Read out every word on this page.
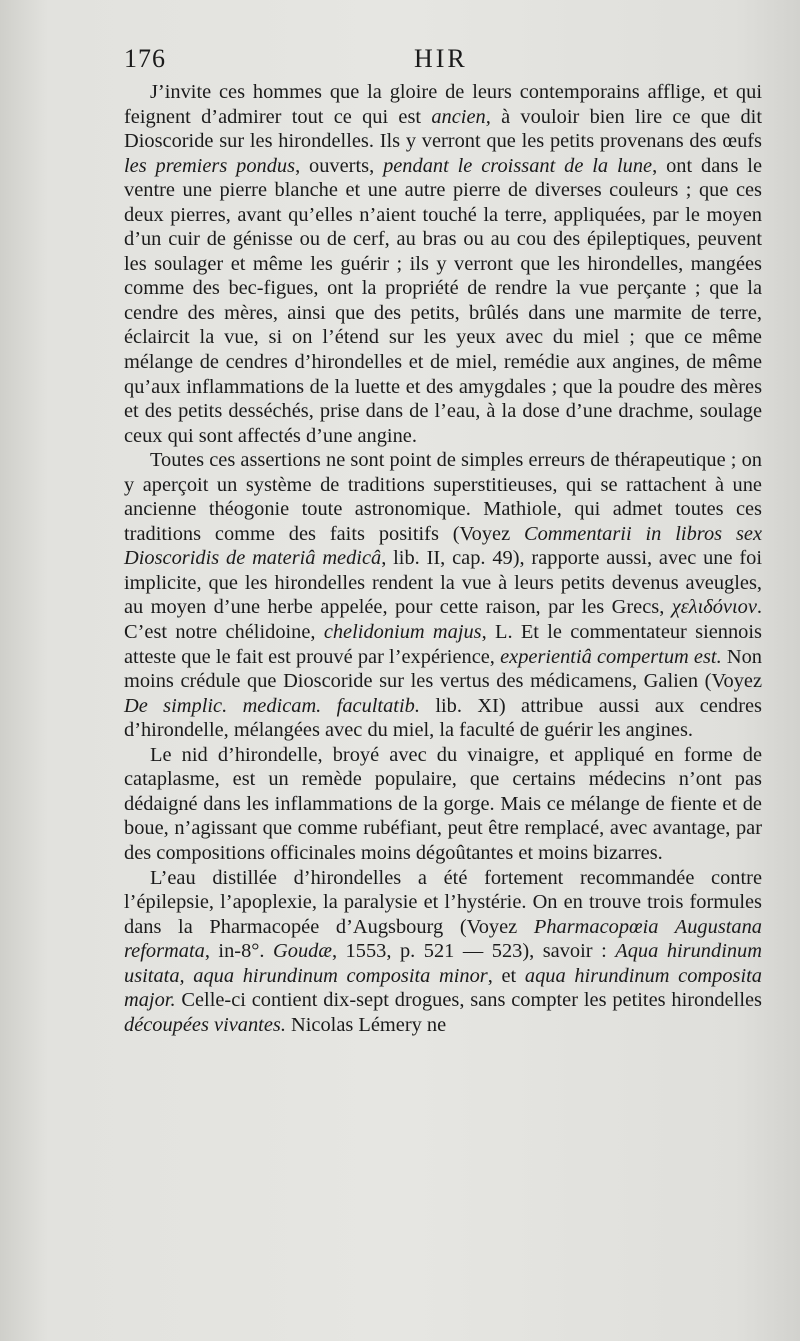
176	HIR

J’invite ces hommes que la gloire de leurs contemporains afflige, et qui feignent d’admirer tout ce qui est ancien, à vouloir bien lire ce que dit Dioscoride sur les hirondelles. Ils y verront que les petits provenans des œufs les premiers pondus, ouverts, pendant le croissant de la lune, ont dans le ventre une pierre blanche et une autre pierre de diverses couleurs ; que ces deux pierres, avant qu’elles n’aient touché la terre, appliquées, par le moyen d’un cuir de génisse ou de cerf, au bras ou au cou des épileptiques, peuvent les soulager et même les guérir ; ils y verront que les hirondelles, mangées comme des bec-figues, ont la propriété de rendre la vue perçante ; que la cendre des mères, ainsi que des petits, brûlés dans une marmite de terre, éclaircit la vue, si on l’étend sur les yeux avec du miel ; que ce même mélange de cendres d’hirondelles et de miel, remédie aux angines, de même qu’aux inflammations de la luette et des amygdales ; que la poudre des mères et des petits desséchés, prise dans de l’eau, à la dose d’une drachme, soulage ceux qui sont affectés d’une angine.

Toutes ces assertions ne sont point de simples erreurs de thérapeutique ; on y aperçoit un système de traditions superstitieuses, qui se rattachent à une ancienne théogonie toute astronomique. Mathiole, qui admet toutes ces traditions comme des faits positifs (Voyez Commentarii in libros sex Dioscoridis de materiâ medicâ, lib. II, cap. 49), rapporte aussi, avec une foi implicite, que les hirondelles rendent la vue à leurs petits devenus aveugles, au moyen d’une herbe appelée, pour cette raison, par les Grecs, χελιδόνιον. C’est notre chélidoine, chelidonium majus, L. Et le commentateur siennois atteste que le fait est prouvé par l’expérience, experientiâ compertum est. Non moins crédule que Dioscoride sur les vertus des médicamens, Galien (Voyez De simplic. medicam. facultatib. lib. XI) attribue aussi aux cendres d’hirondelle, mélangées avec du miel, la faculté de guérir les angines.

Le nid d’hirondelle, broyé avec du vinaigre, et appliqué en forme de cataplasme, est un remède populaire, que certains médecins n’ont pas dédaigné dans les inflammations de la gorge. Mais ce mélange de fiente et de boue, n’agissant que comme rubéfiant, peut être remplacé, avec avantage, par des compositions officinales moins dégoûtantes et moins bizarres.

L’eau distillée d’hirondelles a été fortement recommandée contre l’épilepsie, l’apoplexie, la paralysie et l’hystérie. On en trouve trois formules dans la Pharmacopée d’Augsbourg (Voyez Pharmacopœia Augustana reformata, in-8°. Goudæ, 1553, p. 521 — 523), savoir : Aqua hirundinum usitata, aqua hirundinum composita minor, et aqua hirundinum composita major. Celle-ci contient dix-sept drogues, sans compter les petites hirondelles découpées vivantes. Nicolas Lémery ne
